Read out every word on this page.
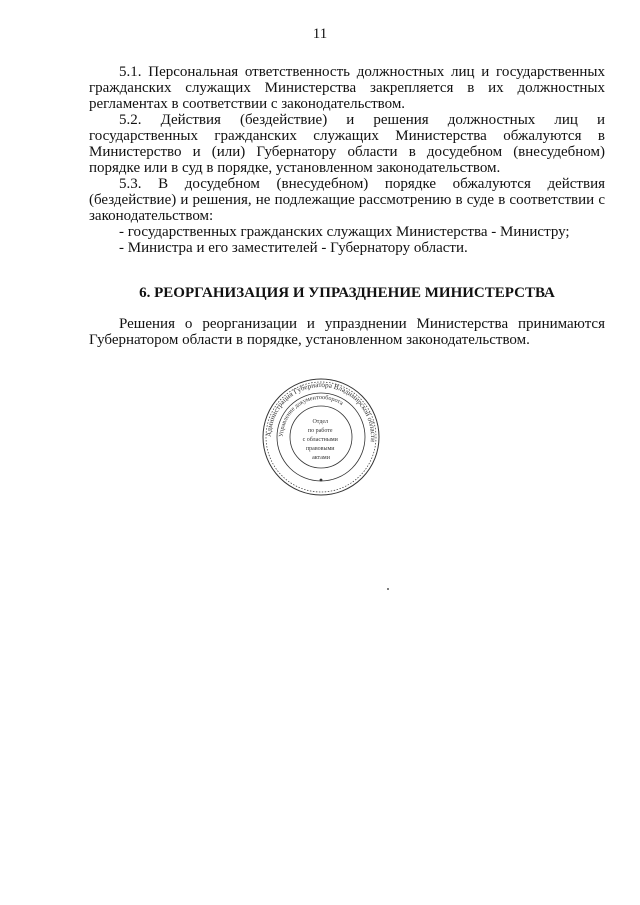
11

5.1. Персональная ответственность должностных лиц и государственных гражданских служащих Министерства закрепляется в их должностных регламентах в соответствии с законодательством.

5.2. Действия (бездействие) и решения должностных лиц и государственных гражданских служащих Министерства обжалуются в Министерство и (или) Губернатору области в досудебном (внесудебном) порядке или в суд в порядке, установленном законодательством.

5.3. В досудебном (внесудебном) порядке обжалуются действия (бездействие) и решения, не подлежащие рассмотрению в суде в соответствии с законодательством:

- государственных гражданских служащих Министерства - Министру;

- Министра и его заместителей - Губернатору области.

6. РЕОРГАНИЗАЦИЯ И УПРАЗДНЕНИЕ МИНИСТЕРСТВА

Решения о реорганизации и упразднении Министерства принимаются Губернатором области в порядке, установленном законодательством.

Администрация Губернатора Владимирской области
Управление документооборота
Отдел по работе с областными правовыми актами
